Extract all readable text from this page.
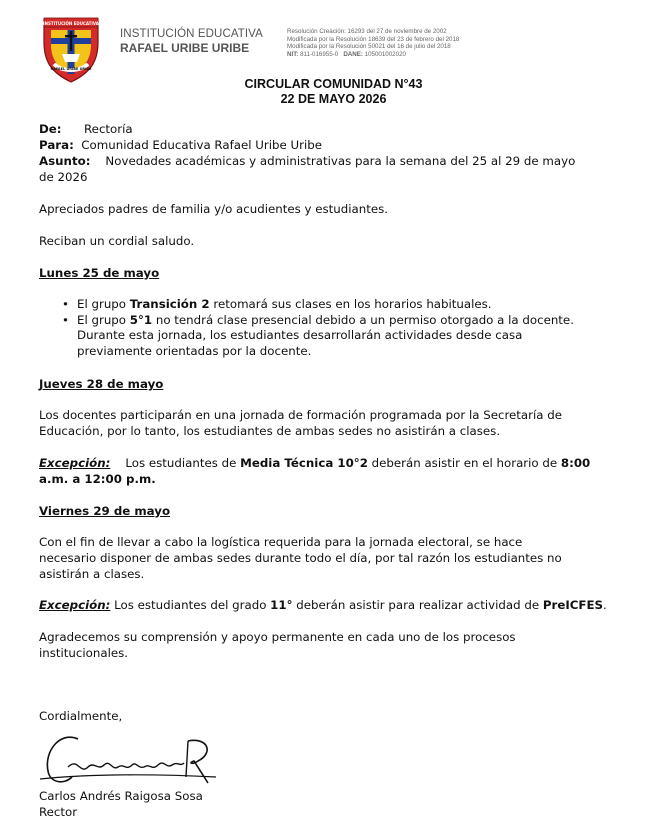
INSTITUCIÓN EDUCATIVA
RAFAEL URIBE URIBE
INSTITUCIÓN EDUCATIVA
RAFAEL URIBE URIBE
Resolución Creación: 16293 del 27 de noviembre de 2002
Modificada por la Resolución 18639 del 23 de febrero del 2018
Modificada por la Resolución 50021 del 16 de julio del 2018
NIT: 811-016955-0 DANE: 105001002020
CIRCULAR COMUNIDAD N°43
22 DE MAYO 2026
De: Rectoría
Para: Comunidad Educativa Rafael Uribe Uribe
Asunto: Novedades académicas y administrativas para la semana del 25 al 29 de mayo
de 2026
Apreciados padres de familia y/o acudientes y estudiantes.
Reciban un cordial saludo.
Lunes 25 de mayo
• El grupo Transición 2 retomará sus clases en los horarios habituales.
• El grupo 5°1 no tendrá clase presencial debido a un permiso otorgado a la docente.
Durante esta jornada, los estudiantes desarrollarán actividades desde casa
previamente orientadas por la docente.
Jueves 28 de mayo
Los docentes participarán en una jornada de formación programada por la Secretaría de
Educación, por lo tanto, los estudiantes de ambas sedes no asistirán a clases.
Excepción: Los estudiantes de Media Técnica 10°2 deberán asistir en el horario de 8:00
a.m. a 12:00 p.m.
Viernes 29 de mayo
Con el fin de llevar a cabo la logística requerida para la jornada electoral, se hace
necesario disponer de ambas sedes durante todo el día, por tal razón los estudiantes no
asistirán a clases.
Excepción: Los estudiantes del grado 11° deberán asistir para realizar actividad de PreICFES.
Agradecemos su comprensión y apoyo permanente en cada uno de los procesos
institucionales.
Cordialmente,
Carlos Raigosa
Carlos Andrés Raigosa Sosa
Rector
